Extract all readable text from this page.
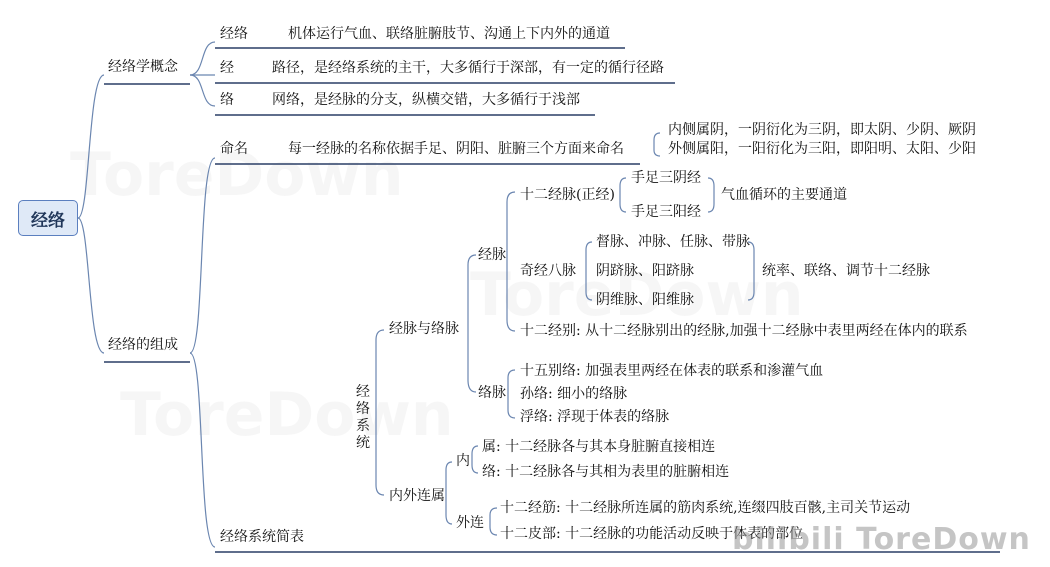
经络
经络学概念
经络的组成
经络	机体运行气血、联络脏腑肢节、沟通上下内外的通道
经	路径，是经络系统的主干，大多循行于深部，有一定的循行径路
络	网络，是经脉的分支，纵横交错，大多循行于浅部
命名	每一经脉的名称依据手足、阴阳、脏腑三个方面来命名
内侧属阴，一阴衍化为三阴，即太阴、少阴、厥阴
外侧属阳，一阳衍化为三阳，即阳明、太阳、少阳
经络系统
经脉与络脉
经脉
十二经脉(正经)
手足三阴经
手足三阳经
气血循环的主要通道
奇经八脉
督脉、冲脉、任脉、带脉
阴跻脉、阳跻脉
阴维脉、阳维脉
统率、联络、调节十二经脉
十二经别: 从十二经脉别出的经脉,加强十二经脉中表里两经在体内的联系
络脉
十五别络: 加强表里两经在体表的联系和渗灌气血
孙络: 细小的络脉
浮络: 浮现于体表的络脉
内外连属
内
属: 十二经脉各与其本身脏腑直接相连
络: 十二经脉各与其相为表里的脏腑相连
外连
十二经筋: 十二经脉所连属的筋肉系统,连缀四肢百骸,主司关节运动
十二皮部: 十二经脉的功能活动反映于体表的部位
经络系统简表	bilibili ToreDown
